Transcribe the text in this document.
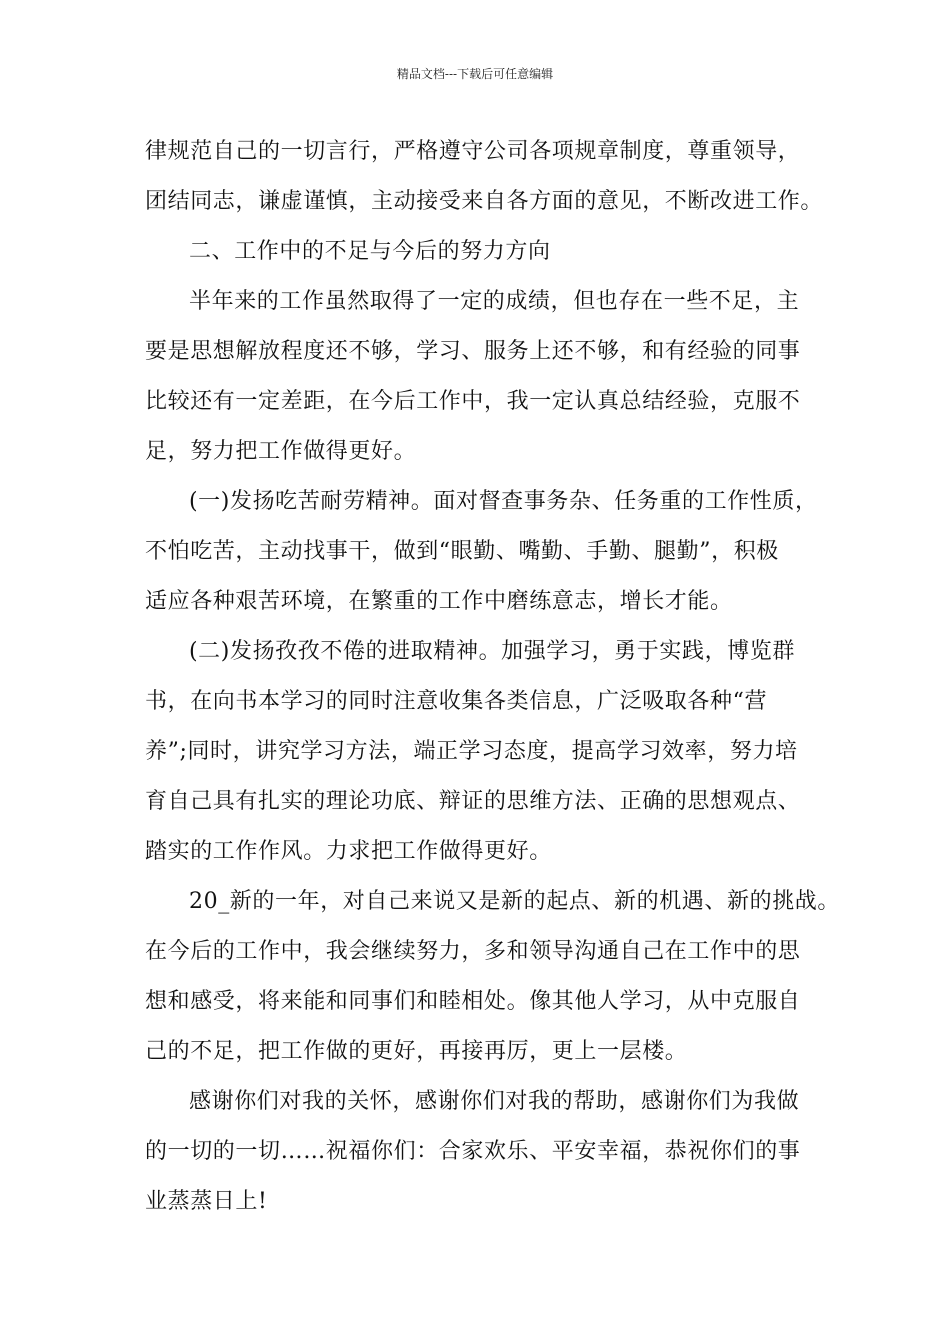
精品文档---下载后可任意编辑
律规范自己的一切言行，严格遵守公司各项规章制度，尊重领导，
团结同志，谦虚谨慎，主动接受来自各方面的意见，不断改进工作。
二、工作中的不足与今后的努力方向
半年来的工作虽然取得了一定的成绩，但也存在一些不足，主
要是思想解放程度还不够，学习、服务上还不够，和有经验的同事
比较还有一定差距，在今后工作中，我一定认真总结经验，克服不
足，努力把工作做得更好。
(一)发扬吃苦耐劳精神。面对督查事务杂、任务重的工作性质，
不怕吃苦，主动找事干，做到“眼勤、嘴勤、手勤、腿勤”，积极
适应各种艰苦环境，在繁重的工作中磨练意志，增长才能。
(二)发扬孜孜不倦的进取精神。加强学习，勇于实践，博览群
书，在向书本学习的同时注意收集各类信息，广泛吸取各种“营
养”;同时，讲究学习方法，端正学习态度，提高学习效率，努力培
育自己具有扎实的理论功底、辩证的思维方法、正确的思想观点、
踏实的工作作风。力求把工作做得更好。
20_新的一年，对自己来说又是新的起点、新的机遇、新的挑战。
在今后的工作中，我会继续努力，多和领导沟通自己在工作中的思
想和感受，将来能和同事们和睦相处。像其他人学习，从中克服自
己的不足，把工作做的更好，再接再厉，更上一层楼。
感谢你们对我的关怀，感谢你们对我的帮助，感谢你们为我做
的一切的一切……祝福你们：合家欢乐、平安幸福，恭祝你们的事
业蒸蒸日上!
